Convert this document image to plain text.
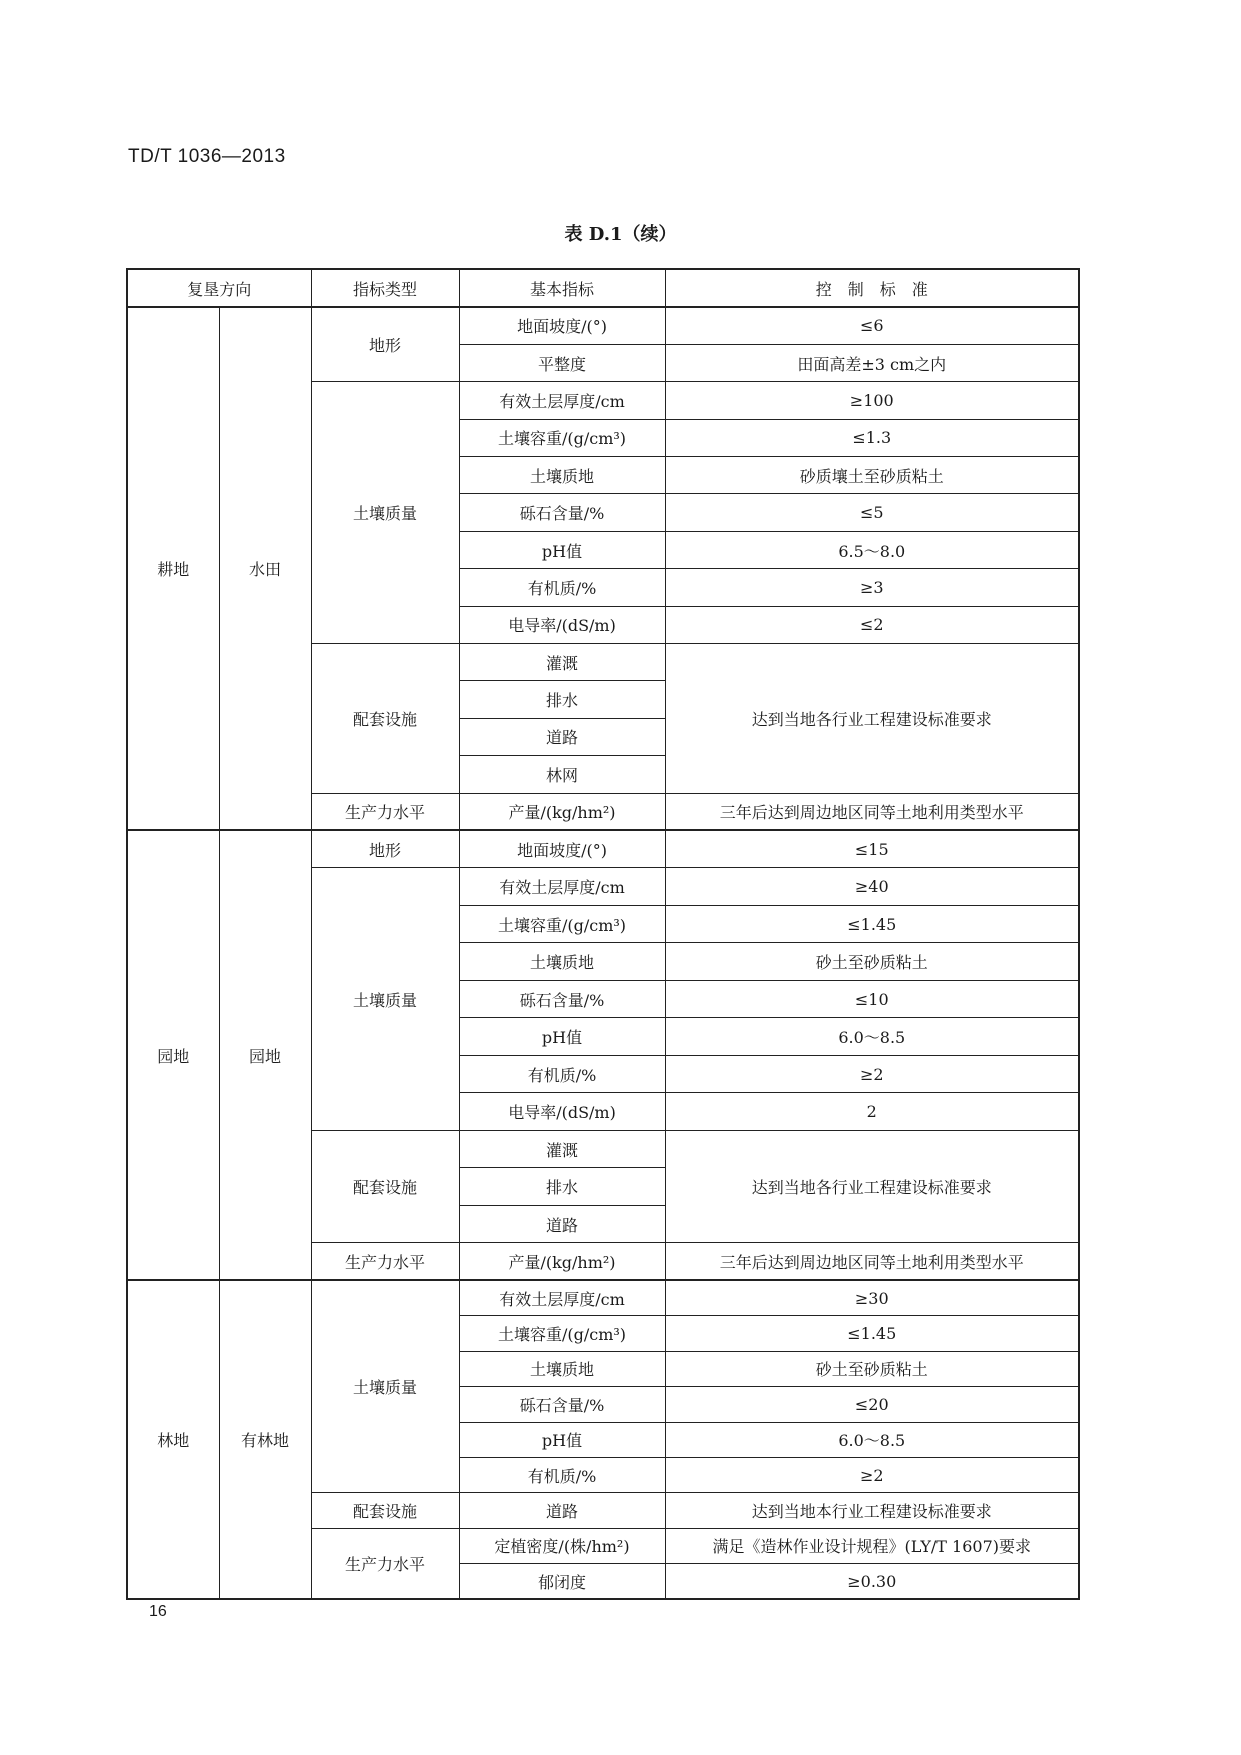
TD/T 1036—2013
表 D.1（续）
复垦方向		指标类型	基本指标	控　制　标　准
耕地	水田	地形	地面坡度/(°)	≤6
			平整度	田面高差±3 cm之内
		土壤质量	有效土层厚度/cm	≥100
			土壤容重/(g/cm³)	≤1.3
			土壤质地	砂质壤土至砂质粘土
			砾石含量/%	≤5
			pH值	6.5～8.0
			有机质/%	≥3
			电导率/(dS/m)	≤2
		配套设施	灌溉	达到当地各行业工程建设标准要求
			排水	
			道路	
			林网	
		生产力水平	产量/(kg/hm²)	三年后达到周边地区同等土地利用类型水平
园地	园地	地形	地面坡度/(°)	≤15
		土壤质量	有效土层厚度/cm	≥40
			土壤容重/(g/cm³)	≤1.45
			土壤质地	砂土至砂质粘土
			砾石含量/%	≤10
			pH值	6.0～8.5
			有机质/%	≥2
			电导率/(dS/m)	2
		配套设施	灌溉	达到当地各行业工程建设标准要求
			排水	
			道路	
		生产力水平	产量/(kg/hm²)	三年后达到周边地区同等土地利用类型水平
林地	有林地	土壤质量	有效土层厚度/cm	≥30
			土壤容重/(g/cm³)	≤1.45
			土壤质地	砂土至砂质粘土
			砾石含量/%	≤20
			pH值	6.0～8.5
			有机质/%	≥2
		配套设施	道路	达到当地本行业工程建设标准要求
		生产力水平	定植密度/(株/hm²)	满足《造林作业设计规程》(LY/T 1607)要求
			郁闭度	≥0.30
16
